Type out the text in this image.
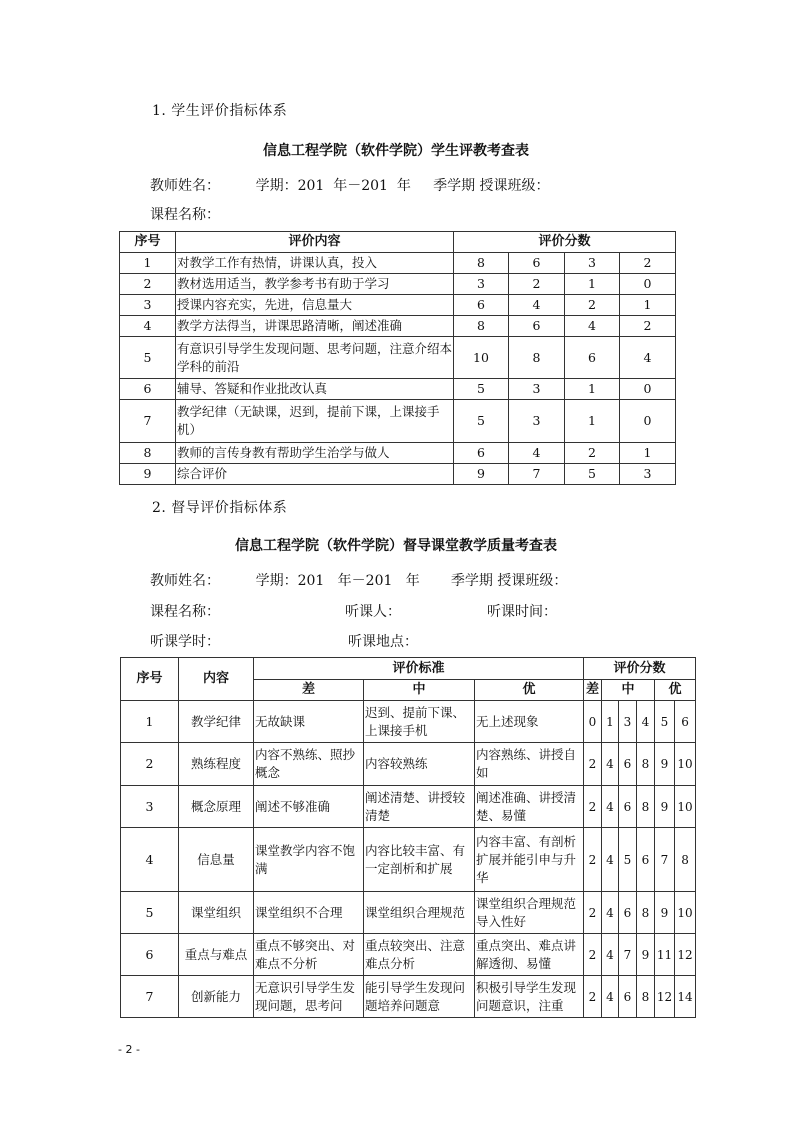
1. 学生评价指标体系
信息工程学院（软件学院）学生评教考查表
教师姓名：        学期：201  年－201  年     季学期 授课班级：
课程名称：
序号	评价内容	评价分数			
1	对教学工作有热情，讲课认真，投入	8	6	3	2
2	教材选用适当，教学参考书有助于学习	3	2	1	0
3	授课内容充实，先进，信息量大	6	4	2	1
4	教学方法得当，讲课思路清晰，阐述准确	8	6	4	2
5	有意识引导学生发现问题、思考问题，注意介绍本学科的前沿	10	8	6	4
6	辅导、答疑和作业批改认真	5	3	1	0
7	教学纪律（无缺课，迟到，提前下课，上课接手机）	5	3	1	0
8	教师的言传身教有帮助学生治学与做人	6	4	2	1
9	综合评价	9	7	5	3
2. 督导评价指标体系
信息工程学院（软件学院）督导课堂教学质量考查表
教师姓名：        学期：201   年－201   年       季学期 授课班级：
课程名称：	听课人：	听课时间：
听课学时：	听课地点：
序号	内容	评价标准			评价分数					
		差	中	优	差	中			优	
1	教学纪律	无故缺课	迟到、提前下课、上课接手机	无上述现象	0	1	3	4	5	6
2	熟练程度	内容不熟练、照抄概念	内容较熟练	内容熟练、讲授自如	2	4	6	8	9	10
3	概念原理	阐述不够准确	阐述清楚、讲授较清楚	阐述准确、讲授清楚、易懂	2	4	6	8	9	10
4	信息量	课堂教学内容不饱满	内容比较丰富、有一定剖析和扩展	内容丰富、有剖析扩展并能引申与升华	2	4	5	6	7	8
5	课堂组织	课堂组织不合理	课堂组织合理规范	课堂组织合理规范导入性好	2	4	6	8	9	10
6	重点与难点	重点不够突出、对难点不分析	重点较突出、注意难点分析	重点突出、难点讲解透彻、易懂	2	4	7	9	11	12
7	创新能力	无意识引导学生发现问题，思考问	能引导学生发现问题培养问题意	积极引导学生发现问题意识，注重	2	4	6	8	12	14
- 2 -
